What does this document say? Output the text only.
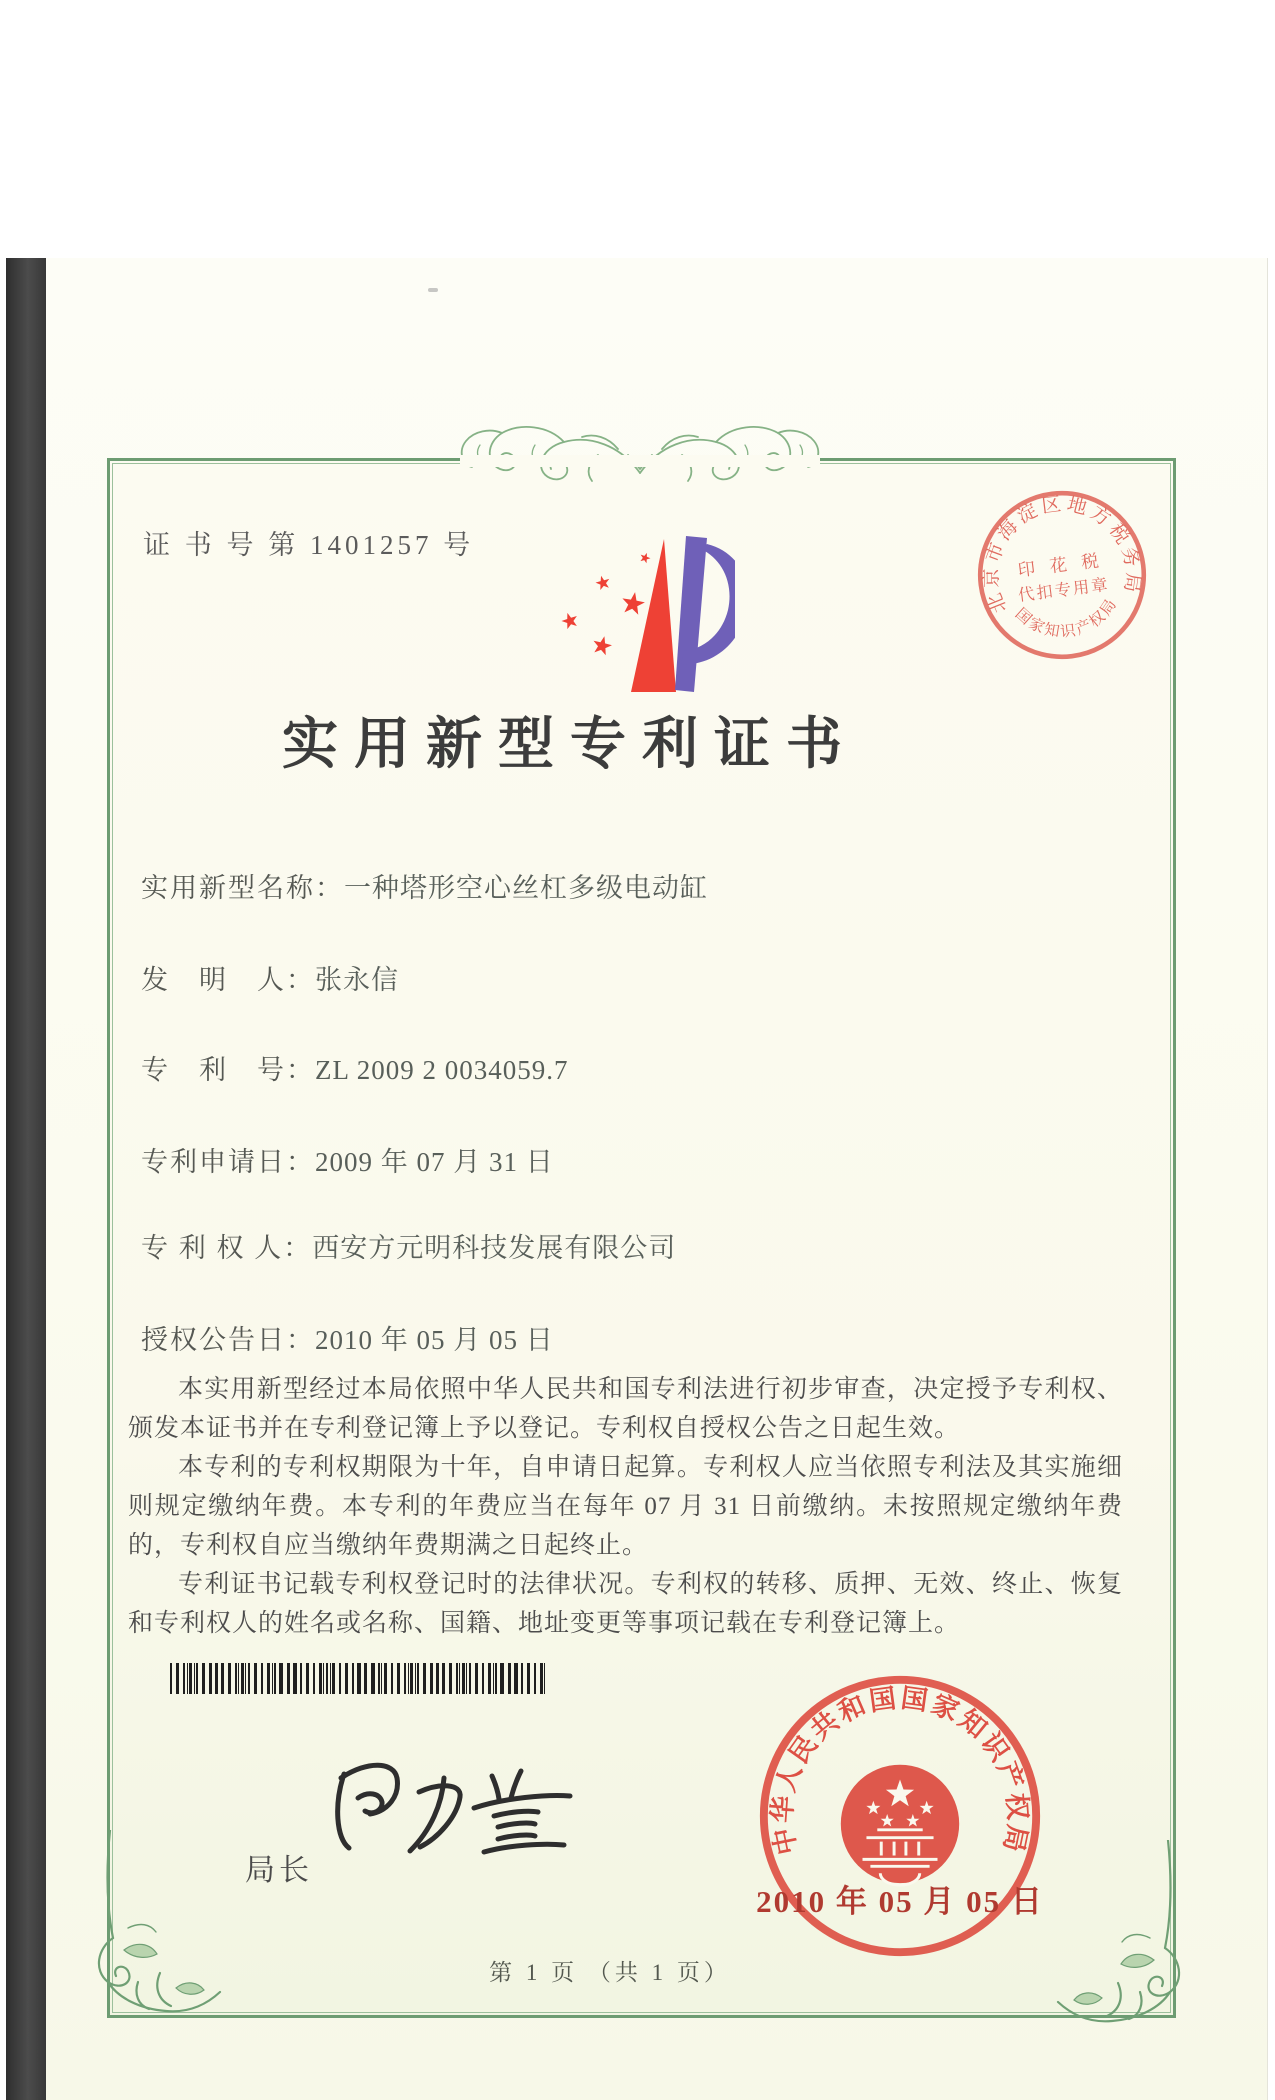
证 书 号 第 1401257 号
实用新型专利证书
实用新型名称：一种塔形空心丝杠多级电动缸
发　明　人：张永信
专　利　号：ZL 2009 2 0034059.7
专利申请日：2009 年 07 月 31 日
专 利 权 人：西安方元明科技发展有限公司
授权公告日：2010 年 05 月 05 日

本实用新型经过本局依照中华人民共和国专利法进行初步审查，决定授予专利权、颁发本证书并在专利登记簿上予以登记。专利权自授权公告之日起生效。

本专利的专利权期限为十年，自申请日起算。专利权人应当依照专利法及其实施细则规定缴纳年费。本专利的年费应当在每年 07 月 31 日前缴纳。未按照规定缴纳年费的，专利权自应当缴纳年费期满之日起终止。

专利证书记载专利权登记时的法律状况。专利权的转移、质押、无效、终止、恢复和专利权人的姓名或名称、国籍、地址变更等事项记载在专利登记簿上。

局长
中华人民共和国国家知识产权局
2010 年 05 月 05 日
北京市海淀区地方税务局
国家知识产权局
印 花 税
代扣专用章
第 1 页 （共 1 页）
